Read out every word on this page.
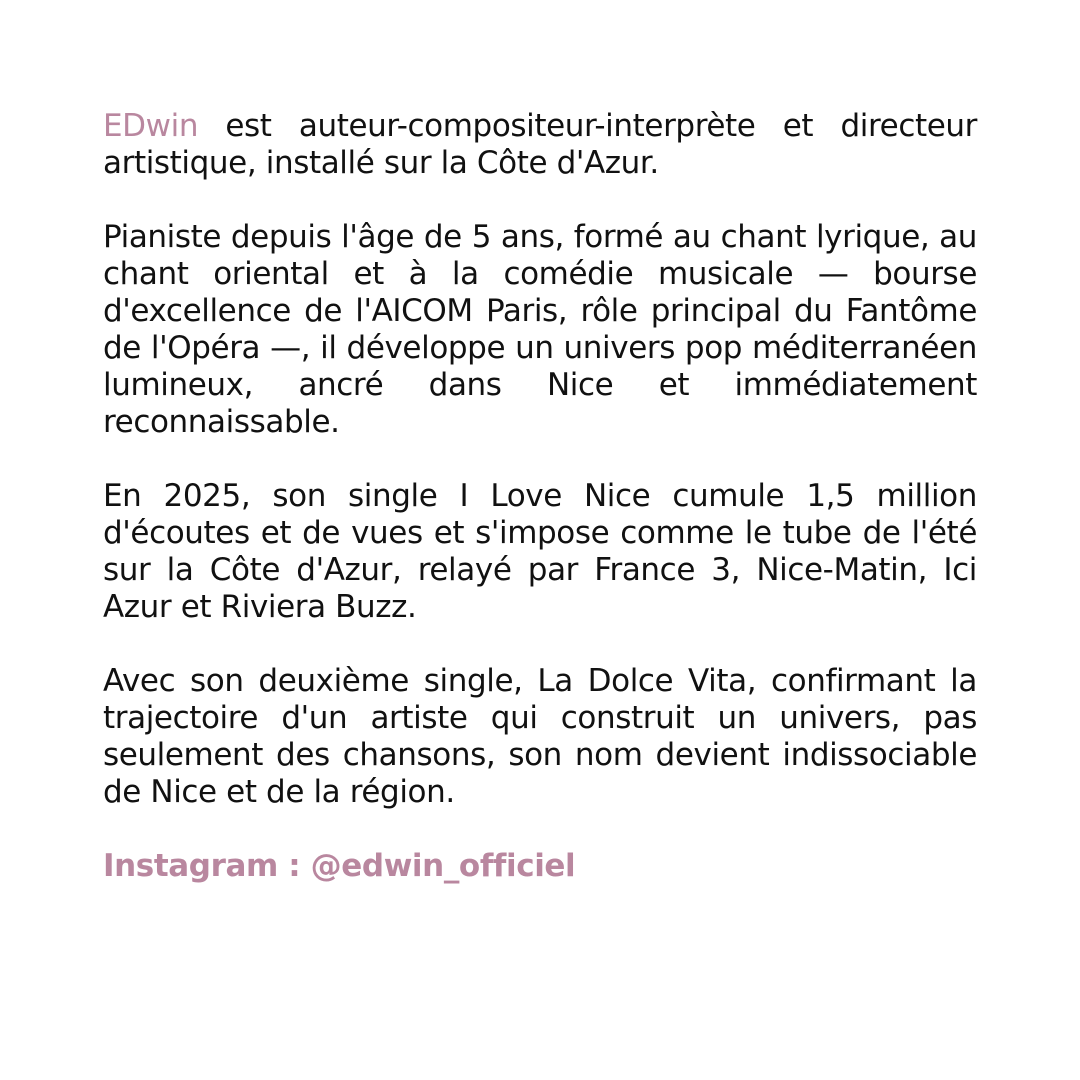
EDwin est auteur-compositeur-interprète et directeur artistique, installé sur la Côte d'Azur.

Pianiste depuis l'âge de 5 ans, formé au chant lyrique, au chant oriental et à la comédie musicale — bourse d'excellence de l'AICOM Paris, rôle principal du Fantôme de l'Opéra —, il développe un univers pop méditerranéen lumineux, ancré dans Nice et immédiatement reconnaissable.

En 2025, son single I Love Nice cumule 1,5 million d'écoutes et de vues et s'impose comme le tube de l'été sur la Côte d'Azur, relayé par France 3, Nice-Matin, Ici Azur et Riviera Buzz.

Avec son deuxième single, La Dolce Vita, confirmant la trajectoire d'un artiste qui construit un univers, pas seulement des chansons, son nom devient indissociable de Nice et de la région.

Instagram : @edwin_officiel
